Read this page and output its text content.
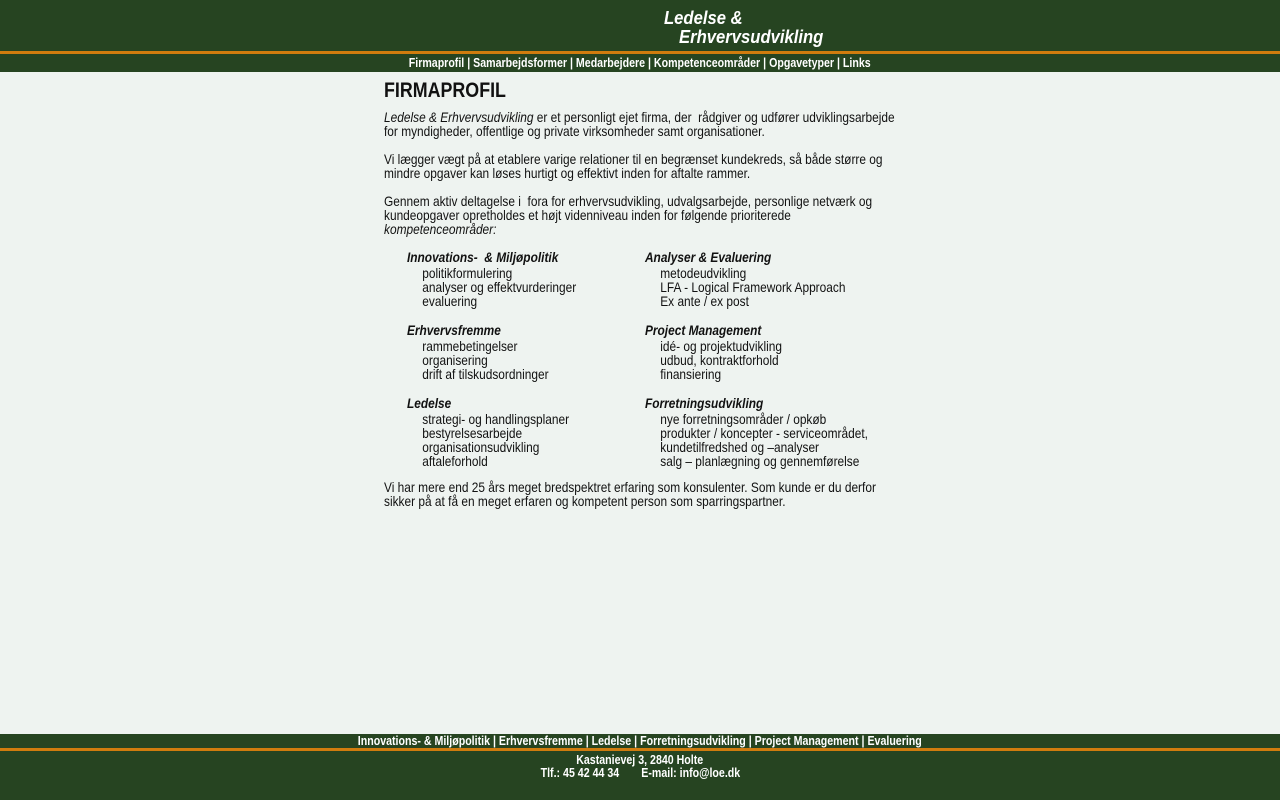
Ledelse &
Erhvervsudvikling
Firmaprofil | Samarbejdsformer | Medarbejdere | Kompetenceområder | Opgavetyper | Links
FIRMAPROFIL

Ledelse & Erhvervsudvikling er et personligt ejet firma, der  rådgiver og udfører udviklingsarbejde for myndigheder, offentlige og private virksomheder samt organisationer.

Vi lægger vægt på at etablere varige relationer til en begrænset kundekreds, så både større og mindre opgaver kan løses hurtigt og effektivt inden for aftalte rammer.

Gennem aktiv deltagelse i  fora for erhvervsudvikling, udvalgsarbejde, personlige netværk og kundeopgaver opretholdes et højt videnniveau inden for følgende prioriterede kompetenceområder:

Innovations-  & Miljøpolitik
politikformulering
analyser og effektvurderinger
evaluering
Erhvervsfremme
rammebetingelser
organisering
drift af tilskudsordninger
Ledelse
strategi- og handlingsplaner
bestyrelsesarbejde
organisationsudvikling
aftaleforhold
Analyser & Evaluering
metodeudvikling
LFA - Logical Framework Approach
Ex ante / ex post
Project Management
idé- og projektudvikling
udbud, kontraktforhold
finansiering
Forretningsudvikling
nye forretningsområder / opkøb
produkter / koncepter - serviceområdet,
kundetilfredshed og –analyser
salg – planlægning og gennemførelse

Vi har mere end 25 års meget bredspektret erfaring som konsulenter. Som kunde er du derfor sikker på at få en meget erfaren og kompetent person som sparringspartner.

Innovations- & Miljøpolitik | Erhvervsfremme | Ledelse | Forretningsudvikling | Project Management | Evaluering
Kastanievej 3, 2840 Holte
Tlf.: 45 42 44 34 E-mail: info@loe.dk
